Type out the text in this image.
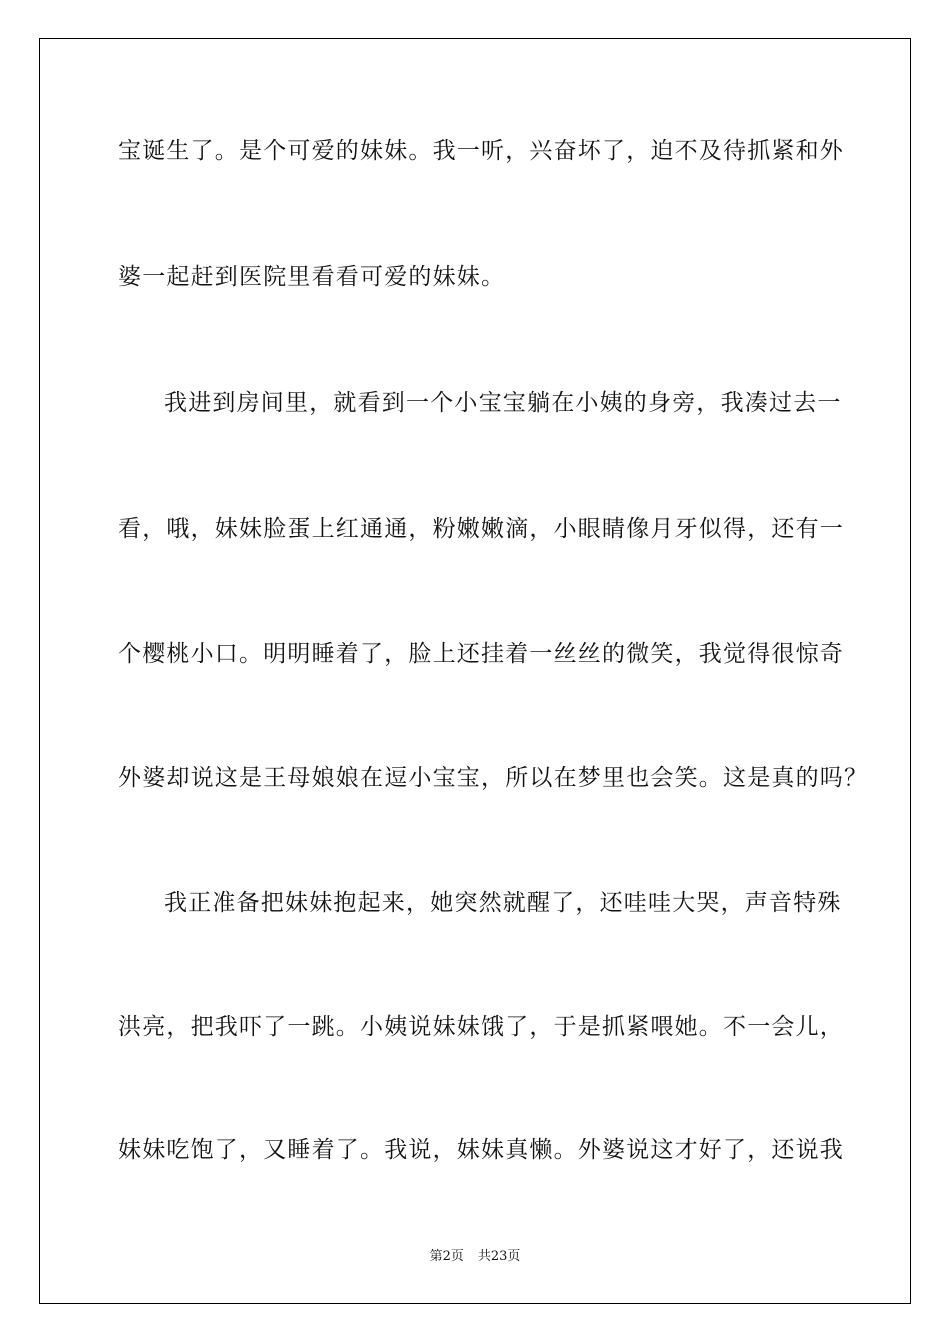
宝诞生了。是个可爱的妹妹。我一听，兴奋坏了，迫不及待抓紧和外
婆一起赶到医院里看看可爱的妹妹。
我进到房间里，就看到一个小宝宝躺在小姨的身旁，我凑过去一
看，哦，妹妹脸蛋上红通通，粉嫩嫩滴，小眼睛像月牙似得，还有一
个樱桃小口。明明睡着了，脸上还挂着一丝丝的微笑，我觉得很惊奇
外婆却说这是王母娘娘在逗小宝宝，所以在梦里也会笑。这是真的吗？
我正准备把妹妹抱起来，她突然就醒了，还哇哇大哭，声音特殊
洪亮，把我吓了一跳。小姨说妹妹饿了，于是抓紧喂她。不一会儿，
妹妹吃饱了，又睡着了。我说，妹妹真懒。外婆说这才好了，还说我
第2页 共23页
